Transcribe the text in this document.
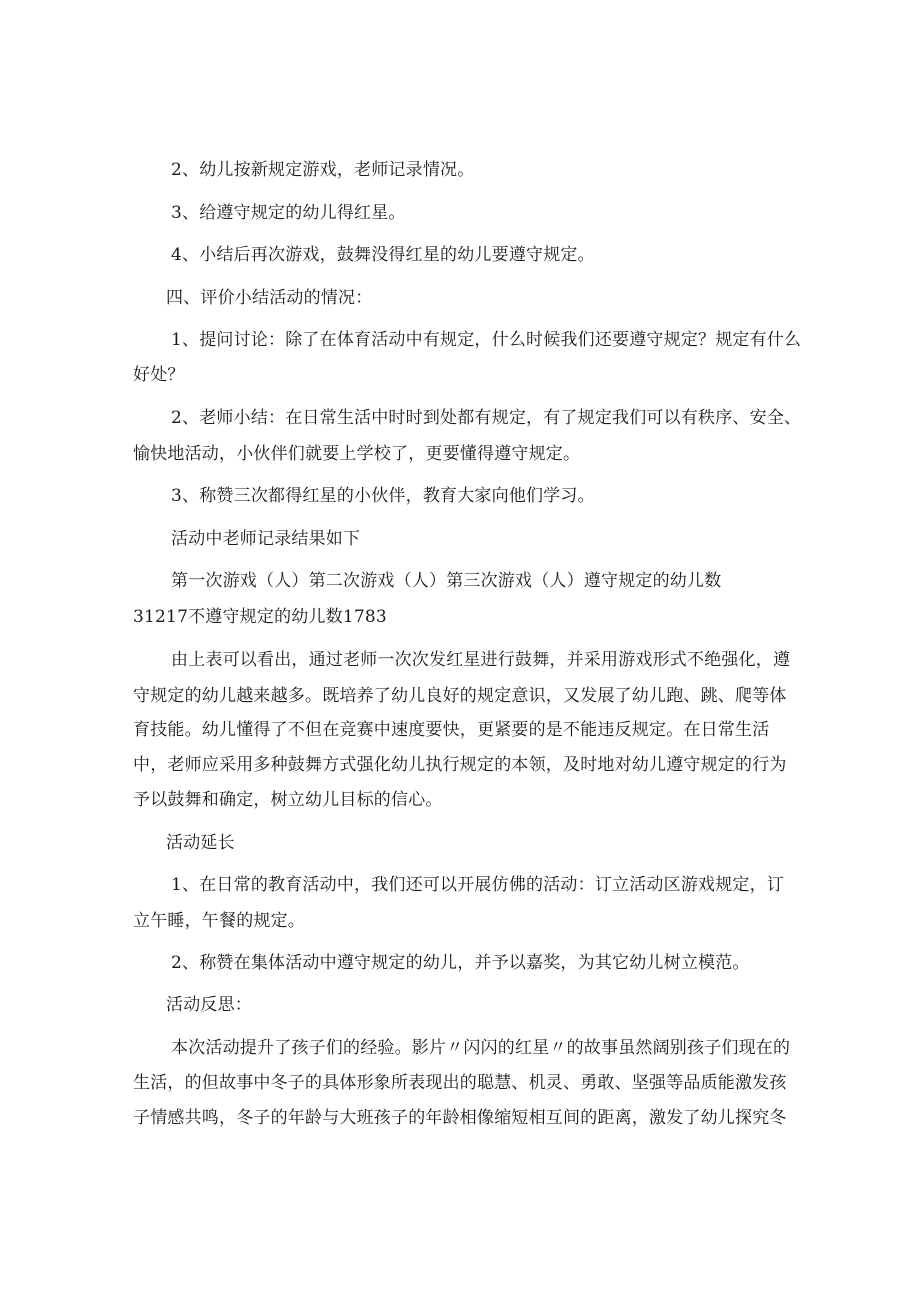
2、幼儿按新规定游戏，老师记录情况。
3、给遵守规定的幼儿得红星。
4、小结后再次游戏，鼓舞没得红星的幼儿要遵守规定。
四、评价小结活动的情况：
1、提问讨论：除了在体育活动中有规定，什么时候我们还要遵守规定？规定有什么
好处？
2、老师小结：在日常生活中时时到处都有规定，有了规定我们可以有秩序、安全、
愉快地活动，小伙伴们就要上学校了，更要懂得遵守规定。
3、称赞三次都得红星的小伙伴，教育大家向他们学习。
活动中老师记录结果如下
第一次游戏（人）第二次游戏（人）第三次游戏（人）遵守规定的幼儿数
31217不遵守规定的幼儿数1783
由上表可以看出，通过老师一次次发红星进行鼓舞，并采用游戏形式不绝强化，遵
守规定的幼儿越来越多。既培养了幼儿良好的规定意识，又发展了幼儿跑、跳、爬等体
育技能。幼儿懂得了不但在竞赛中速度要快，更紧要的是不能违反规定。在日常生活
中，老师应采用多种鼓舞方式强化幼儿执行规定的本领，及时地对幼儿遵守规定的行为
予以鼓舞和确定，树立幼儿目标的信心。
活动延长
1、在日常的教育活动中，我们还可以开展仿佛的活动：订立活动区游戏规定，订
立午睡，午餐的规定。
2、称赞在集体活动中遵守规定的幼儿，并予以嘉奖，为其它幼儿树立模范。
活动反思：
本次活动提升了孩子们的经验。影片〃闪闪的红星〃的故事虽然阔别孩子们现在的
生活，的但故事中冬子的具体形象所表现出的聪慧、机灵、勇敢、坚强等品质能激发孩
子情感共鸣，冬子的年龄与大班孩子的年龄相像缩短相互间的距离，激发了幼儿探究冬
